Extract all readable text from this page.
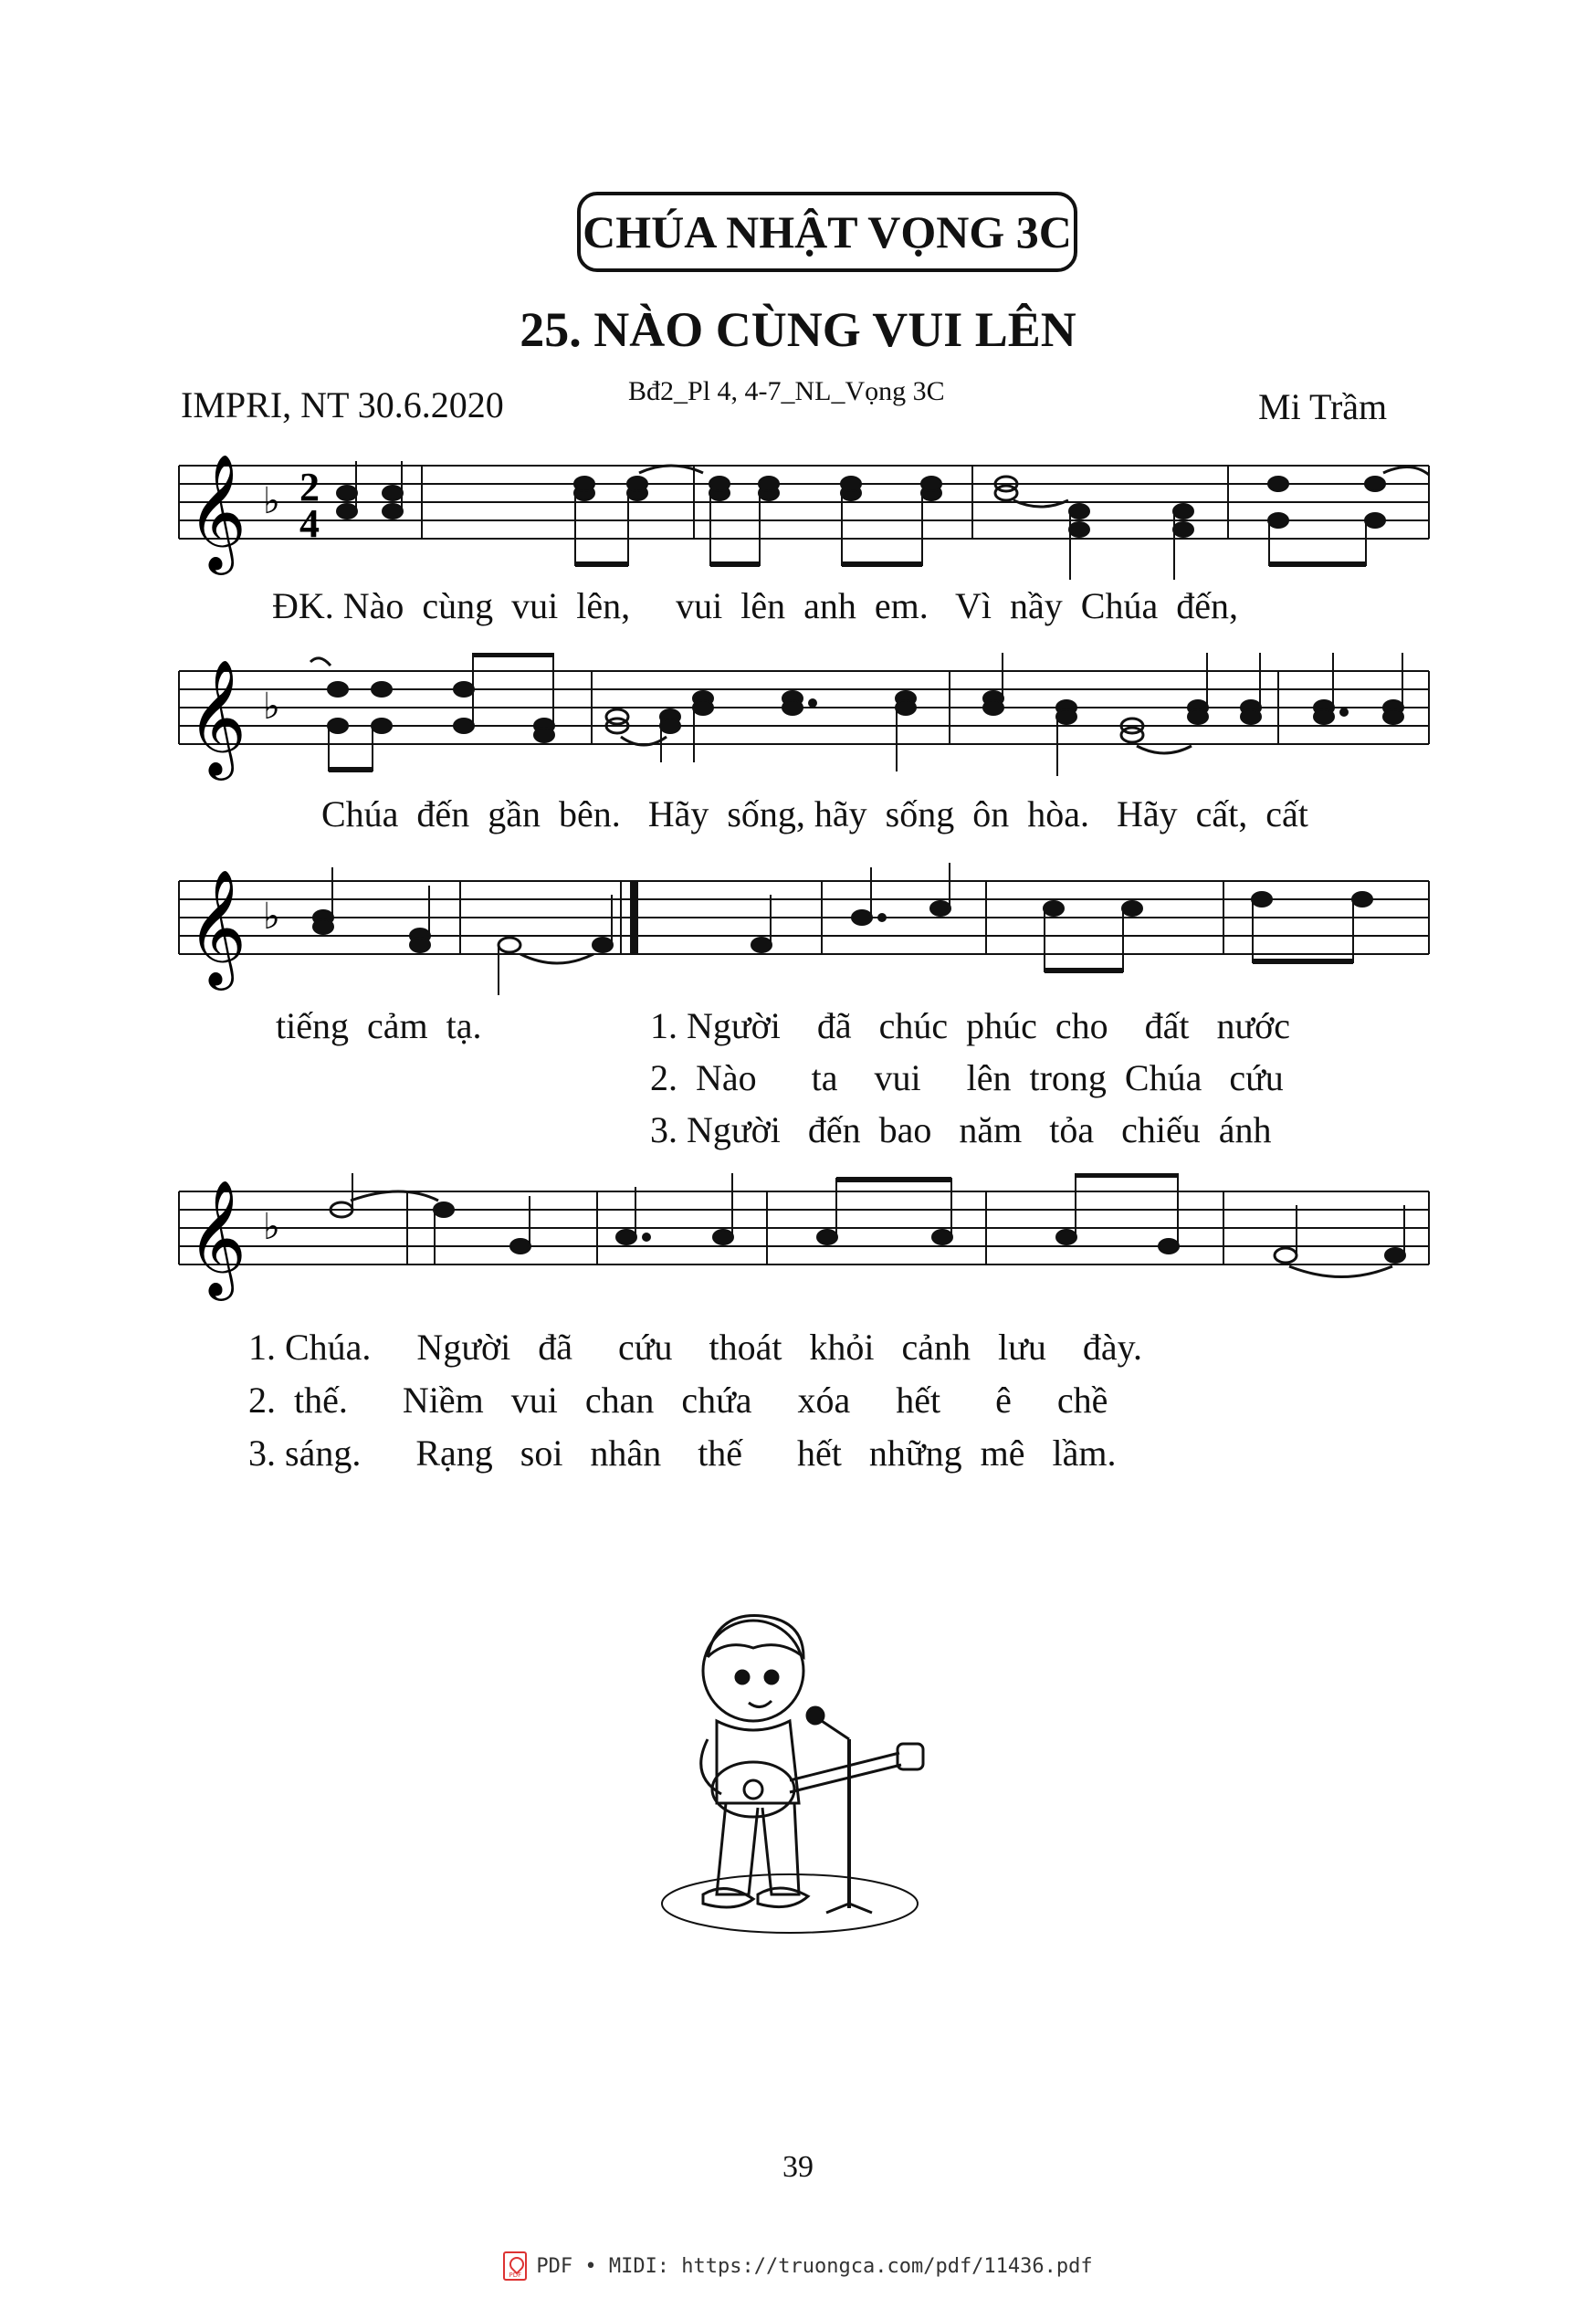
CHÚA NHẬT VỌNG 3C
25. NÀO CÙNG VUI LÊN
IMPRI, NT 30.6.2020	Bđ2_Pl 4, 4-7_NL_Vọng 3C	Mi Trầm
𝄞 ♭ 2
4
ĐK. Nào  cùng  vui  lên,     vui  lên  anh  em.   Vì  nầy  Chúa  đến,
𝄞 ♭
Chúa  đến  gần  bên.   Hãy  sống, hãy  sống  ôn  hòa.   Hãy  cất,  cất
𝄞 ♭
tiếng  cảm  tạ.	1. Người    đã   chúc  phúc  cho    đất   nước
2.  Nào      ta    vui     lên  trong  Chúa   cứu
3. Người   đến  bao   năm   tỏa   chiếu  ánh
𝄞 ♭
1. Chúa.     Người   đã     cứu    thoát   khỏi   cảnh   lưu    đày.
2.  thế.      Niềm   vui   chan   chứa     xóa     hết      ê     chề
3. sáng.      Rạng   soi   nhân    thế      hết   những  mê   lầm.
39
PDF PDF • MIDI: https://truongca.com/pdf/11436.pdf
